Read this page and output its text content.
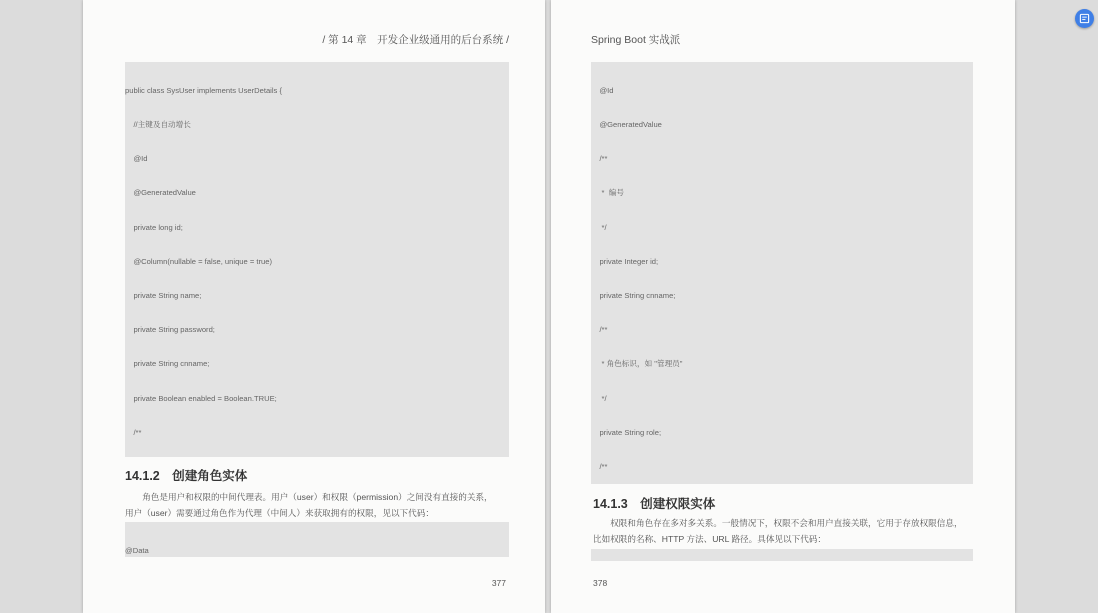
/ 第 14 章　开发企业级通用的后台系统 /

public class SysUser implements UserDetails {

//主键及自动增长

@Id

@GeneratedValue

private long id;

@Column(nullable = false, unique = true)

private String name;

private String password;

private String cnname;

private Boolean enabled = Boolean.TRUE;

/**

14.1.2　创建角色实体
　　角色是用户和权限的中间代理表。用户（user）和权限（permission）之间没有直接的关系，
用户（user）需要通过角色作为代理（中间人）来获取拥有的权限，见以下代码：

@Data

377
Spring Boot 实战派

@Id

@GeneratedValue

/**

*  编号

*/

private Integer id;

private String cnname;

/**

* 角色标识，如 "管理员"

*/

private String role;

/**

14.1.3　创建权限实体
　　权限和角色存在多对多关系。一般情况下，权限不会和用户直接关联，它用于存放权限信息，
比如权限的名称、HTTP 方法、URL 路径。具体见以下代码：

378
